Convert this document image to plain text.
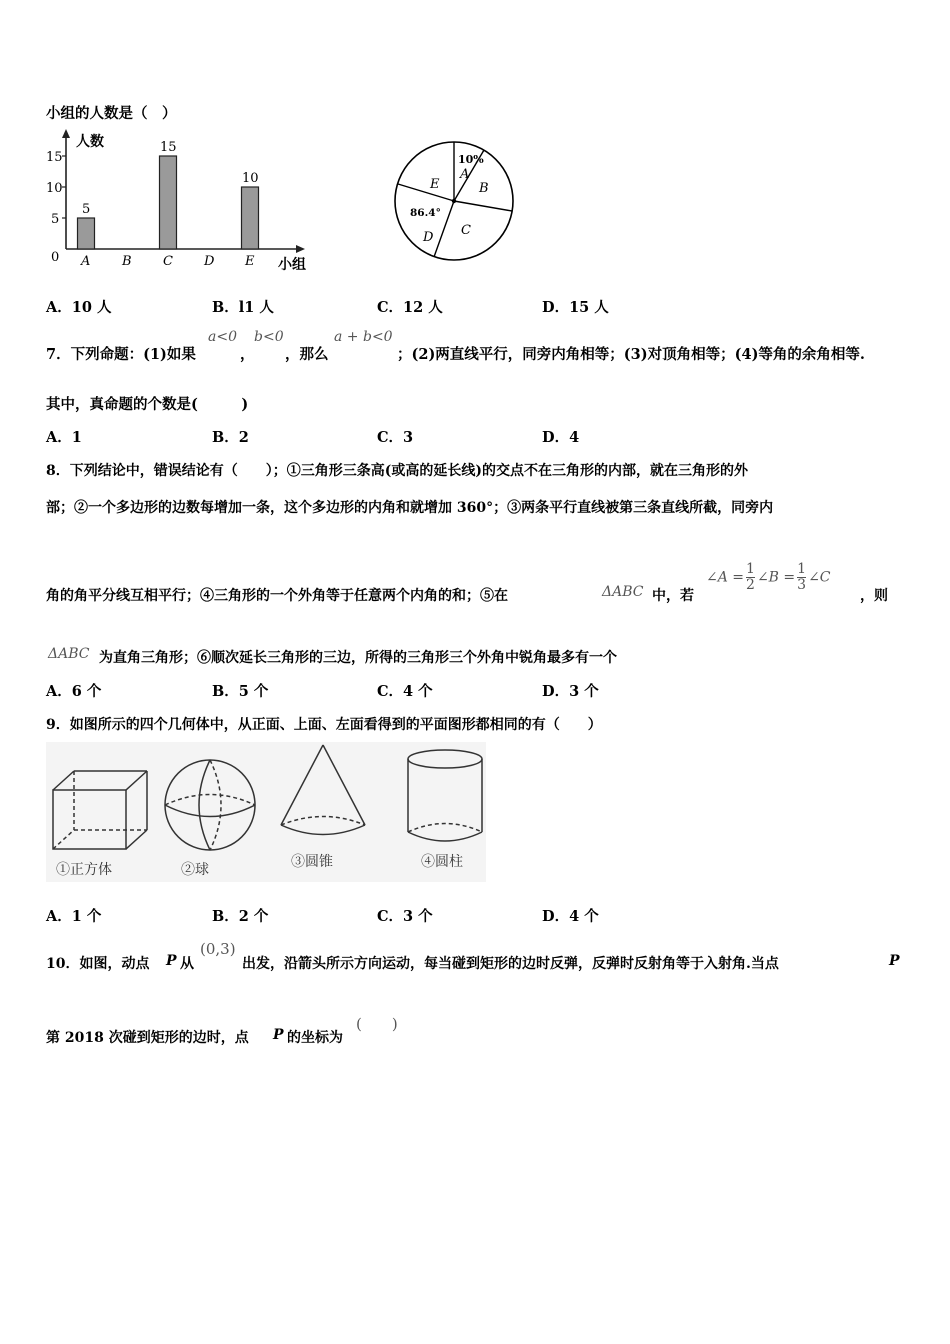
小组的人数是（　）
人数
小组
0
5
10
15
A
5
B C
15
D E
10
10%
A
B
C
D
E
86.4°
A．10 人	B．l1 人	C．12 人	D．15 人
7．下列命题：(1)如果
a<0
，
b<0
，那么
a + b<0
；(2)两直线平行，同旁内角相等；(3)对顶角相等；(4)等角的余角相等.
其中，真命题的个数是(　　　)
A．1	B．2	C．3	D．4
8．下列结论中，错误结论有（　　）；①三角形三条高(或高的延长线)的交点不在三角形的内部，就在三角形的外
部；②一个多边形的边数每增加一条，这个多边形的内角和就增加 360°；③两条平行直线被第三条直线所截，同旁内
角的角平分线互相平行；④三角形的一个外角等于任意两个内角的和；⑤在	ΔABC 中，若
∠A = $\frac{1}{2}$ ∠B = $\frac{1}{3}$ ∠C
，则
ΔABC 为直角三角形；⑥顺次延长三角形的三边，所得的三角形三个外角中锐角最多有一个
A．6 个	B．5 个	C．4 个	D．3 个
9．如图所示的四个几何体中，从正面、上面、左面看得到的平面图形都相同的有（　　）
①正方体	②球	③圆锥	④圆柱
A．1 个	B．2 个	C．3 个	D．4 个
10．如图，动点 P 从
(0,3)
出发，沿箭头所示方向运动，每当碰到矩形的边时反弹，反弹时反射角等于入射角.当点	P
第 2018 次碰到矩形的边时，点 P 的坐标为
(　　)
